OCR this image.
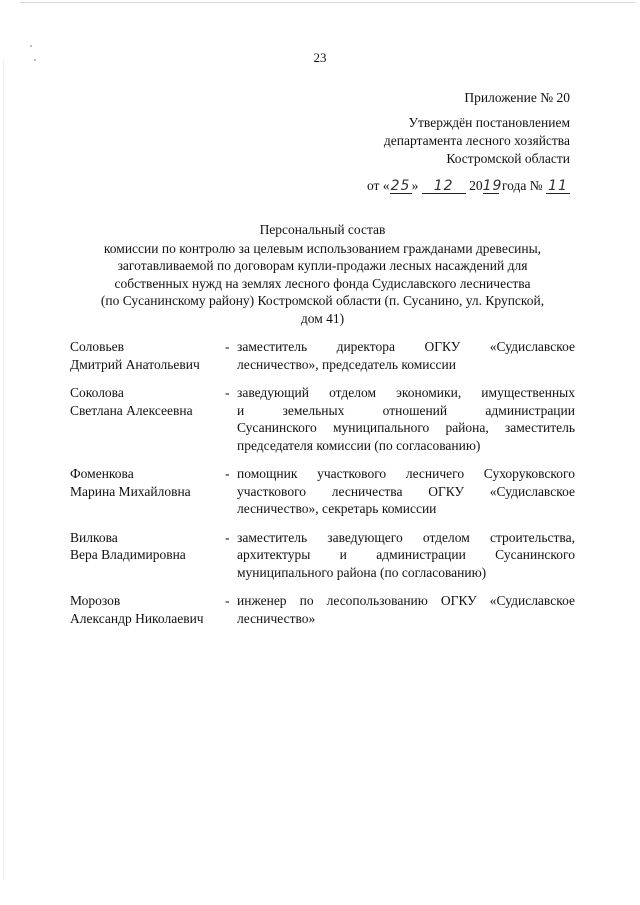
23
Приложение № 20
Утверждён постановлением
департамента лесного хозяйства
Костромской области
от «25» 12 2019 года № 11
Персональный состав
комиссии по контролю за целевым использованием гражданами древесины,
заготавливаемой по договорам купли-продажи лесных насаждений для
собственных нужд на землях лесного фонда Судиславского лесничества
(по Сусанинскому району) Костромской области (п. Сусанино, ул. Крупской,
дом 41)
Соловьев
Дмитрий Анатольевич
- заместитель директора ОГКУ «Судиславское
лесничество», председатель комиссии
Соколова
Светлана Алексеевна
- заведующий отделом экономики, имущественных
и земельных отношений администрации
Сусанинского муниципального района, заместитель
председателя комиссии (по согласованию)
Фоменкова
Марина Михайловна
- помощник участкового лесничего Сухоруковского
участкового лесничества ОГКУ «Судиславское
лесничество», секретарь комиссии
Вилкова
Вера Владимировна
- заместитель заведующего отделом строительства,
архитектуры и администрации Сусанинского
муниципального района (по согласованию)
Морозов
Александр Николаевич
- инженер по лесопользованию ОГКУ «Судиславское
лесничество»
